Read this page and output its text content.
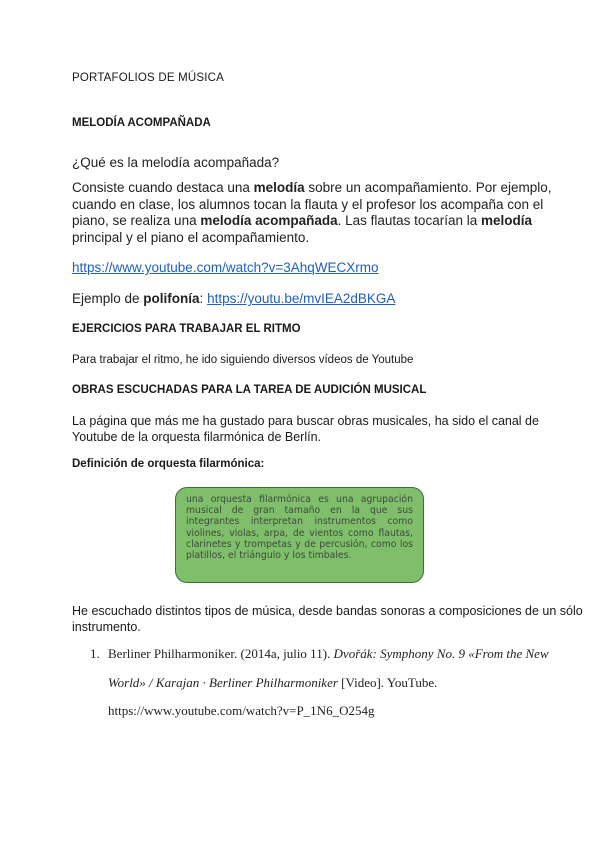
PORTAFOLIOS DE MÚSICA
MELODÍA ACOMPAÑADA
¿Qué es la melodía acompañada?
Consiste cuando destaca una melodía sobre un acompañamiento. Por ejemplo,
cuando en clase, los alumnos tocan la flauta y el profesor los acompaña con el
piano, se realiza una melodía acompañada. Las flautas tocarían la melodía
principal y el piano el acompañamiento.
https://www.youtube.com/watch?v=3AhqWECXrmo
Ejemplo de polifonía: https://youtu.be/mvIEA2dBKGA
EJERCICIOS PARA TRABAJAR EL RITMO
Para trabajar el ritmo, he ido siguiendo diversos vídeos de Youtube
OBRAS ESCUCHADAS PARA LA TAREA DE AUDICIÓN MUSICAL
La página que más me ha gustado para buscar obras musicales, ha sido el canal de
Youtube de la orquesta filarmónica de Berlín.
Definición de orquesta filarmónica:
una orquesta filarmónica es una agrupación musical de gran tamaño en la que sus integrantes interpretan instrumentos como violines, violas, arpa, de vientos como flautas, clarinetes y trompetas y de percusión, como los platillos, el triángulo y los timbales.
He escuchado distintos tipos de música, desde bandas sonoras a composiciones de un sólo
instrumento.
1. Berliner Philharmoniker. (2014a, julio 11). Dvořák: Symphony No. 9 «From the New
World» / Karajan · Berliner Philharmoniker [Video]. YouTube.
https://www.youtube.com/watch?v=P_1N6_O254g
